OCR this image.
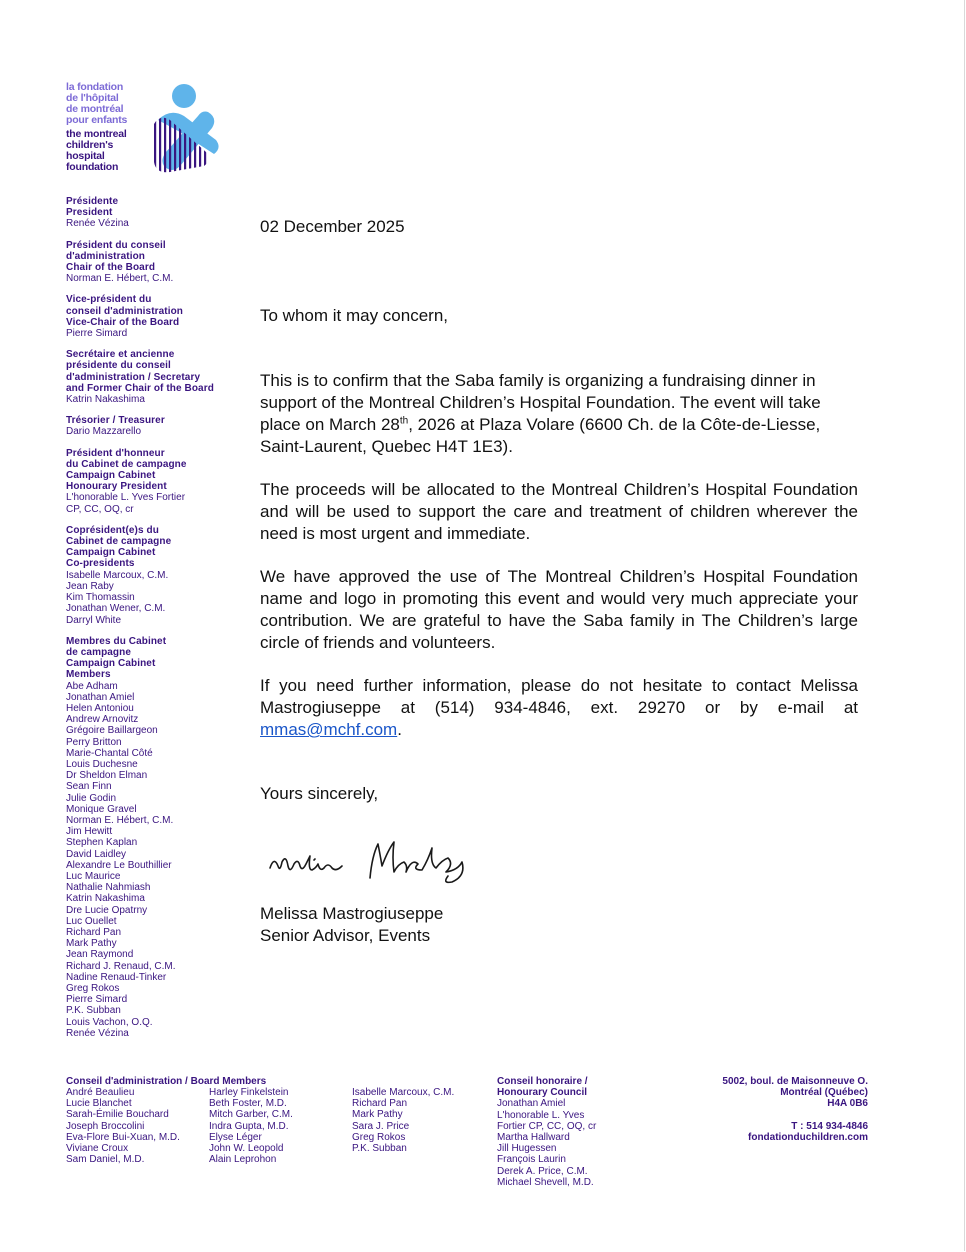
la fondation
de l'hôpital
de montréal
pour enfants
the montreal
children's
hospital
foundation
Présidente
President
Renée Vézina
Président du conseil
d'administration
Chair of the Board
Norman E. Hébert, C.M.
Vice-président du
conseil d'administration
Vice-Chair of the Board
Pierre Simard
Secrétaire et ancienne
présidente du conseil
d'administration / Secretary
and Former Chair of the Board
Katrin Nakashima
Trésorier / Treasurer
Dario Mazzarello
Président d'honneur
du Cabinet de campagne
Campaign Cabinet
Honourary President
L'honorable L. Yves Fortier
CP, CC, OQ, cr
Coprésident(e)s du
Cabinet de campagne
Campaign Cabinet
Co-presidents
Isabelle Marcoux, C.M.
Jean Raby
Kim Thomassin
Jonathan Wener, C.M.
Darryl White
Membres du Cabinet
de campagne
Campaign Cabinet
Members
Abe Adham
Jonathan Amiel
Helen Antoniou
Andrew Arnovitz
Grégoire Baillargeon
Perry Britton
Marie-Chantal Côté
Louis Duchesne
Dr Sheldon Elman
Sean Finn
Julie Godin
Monique Gravel
Norman E. Hébert, C.M.
Jim Hewitt
Stephen Kaplan
David Laidley
Alexandre Le Bouthillier
Luc Maurice
Nathalie Nahmiash
Katrin Nakashima
Dre Lucie Opatrny
Luc Ouellet
Richard Pan
Mark Pathy
Jean Raymond
Richard J. Renaud, C.M.
Nadine Renaud-Tinker
Greg Rokos
Pierre Simard
P.K. Subban
Louis Vachon, O.Q.
Renée Vézina
02 December 2025
To whom it may concern,

This is to confirm that the Saba family is organizing a fundraising dinner in support of the Montreal Children’s Hospital Foundation. The event will take place on March 28th, 2026 at Plaza Volare (6600 Ch. de la Côte-de-Liesse, Saint-Laurent, Quebec H4T 1E3).

The proceeds will be allocated to the Montreal Children’s Hospital Foundation and will be used to support the care and treatment of children wherever the need is most urgent and immediate.

We have approved the use of The Montreal Children’s Hospital Foundation name and logo in promoting this event and would very much appreciate your contribution. We are grateful to have the Saba family in The Children’s large circle of friends and volunteers.

If you need further information, please do not hesitate to contact Melissa Mastrogiuseppe at (514) 934-4846, ext. 29270 or by e-mail at mmas@mchf.com.

Yours sincerely,
Melissa Mastrogiuseppe
Senior Advisor, Events
Conseil d'administration / Board Members
André Beaulieu
Lucie Blanchet
Sarah-Émilie Bouchard
Joseph Broccolini
Eva-Flore Bui-Xuan, M.D.
Viviane Croux
Sam Daniel, M.D.
Harley Finkelstein
Beth Foster, M.D.
Mitch Garber, C.M.
Indra Gupta, M.D.
Elyse Léger
John W. Leopold
Alain Leprohon
Isabelle Marcoux, C.M.
Richard Pan
Mark Pathy
Sara J. Price
Greg Rokos
P.K. Subban
Conseil honoraire /
Honourary Council
Jonathan Amiel
L'honorable L. Yves
Fortier CP, CC, OQ, cr
Martha Hallward
Jill Hugessen
François Laurin
Derek A. Price, C.M.
Michael Shevell, M.D.
5002, boul. de Maisonneuve O.
Montréal (Québec)
H4A 0B6
T : 514 934-4846
fondationduchildren.com
